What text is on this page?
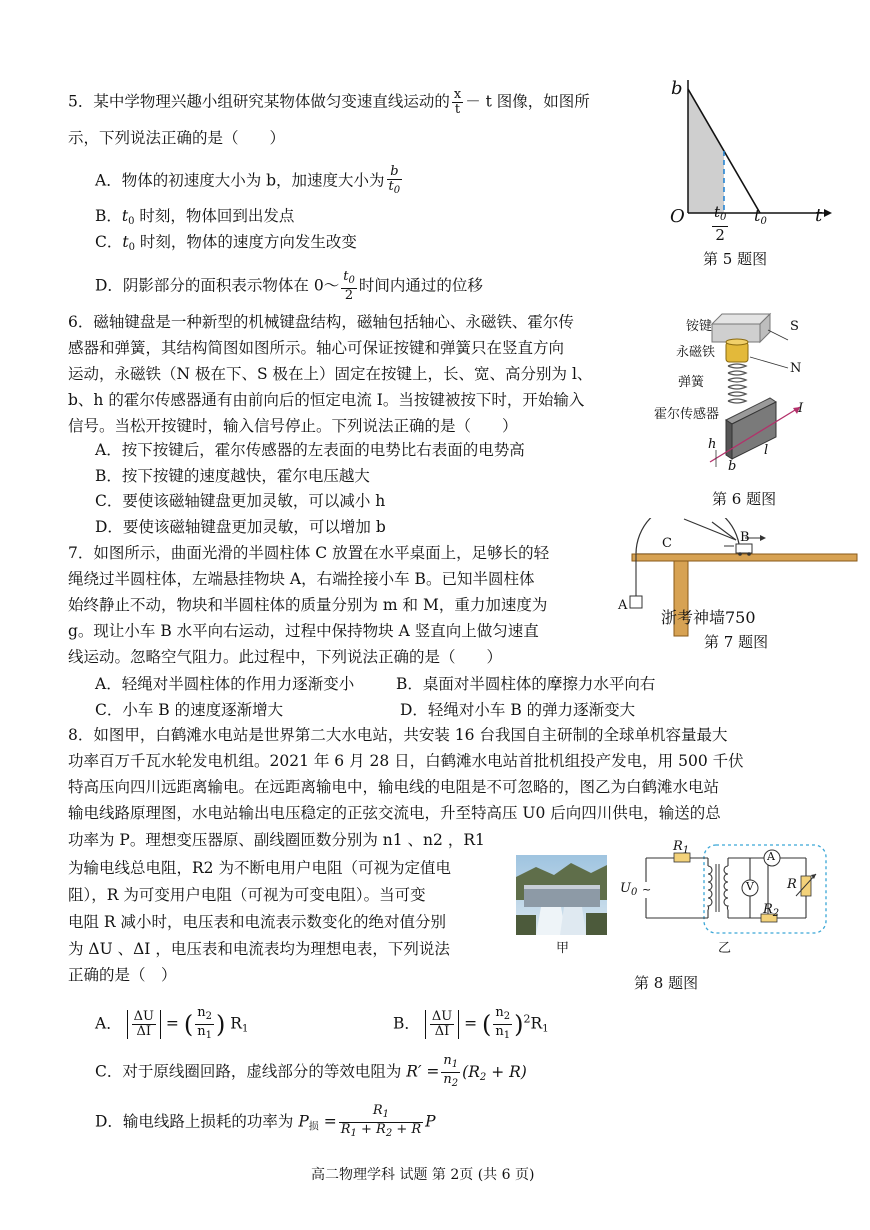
5．某中学物理兴趣小组研究某物体做匀变速直线运动的 $\frac{x}{t} - t$ 图像，如图所
示，下列说法正确的是（　　）
A．物体的初速度大小为 b，加速度大小为 $\frac{b}{t_0}$
B．$t_0$ 时刻，物体回到出发点
C．$t_0$ 时刻，物体的速度方向发生改变
D．阴影部分的面积表示物体在 0～ $\frac{t_0}{2}$ 时间内通过的位移
b
O $t_0$
2
$t_0$	t
第 5 题图
6．磁轴键盘是一种新型的机械键盘结构，磁轴包括轴心、永磁铁、霍尔传
感器和弹簧，其结构简图如图所示。轴心可保证按键和弹簧只在竖直方向
运动，永磁铁（N 极在下、S 极在上）固定在按键上，长、宽、高分别为 l、
b、h 的霍尔传感器通有由前向后的恒定电流 I。当按键被按下时，开始输入
信号。当松开按键时，输入信号停止。下列说法正确的是（　　）
A．按下按键后，霍尔传感器的左表面的电势比右表面的电势高
B．按下按键的速度越快，霍尔电压越大
C．要使该磁轴键盘更加灵敏，可以减小 h
D．要使该磁轴键盘更加灵敏，可以增加 b
铵键
永磁铁
弹簧
霍尔传感器
S
N
I
h
b
l
第 6 题图
7．如图所示，曲面光滑的半圆柱体 C 放置在水平桌面上，足够长的轻
绳绕过半圆柱体，左端悬挂物块 A，右端拴接小车 B。已知半圆柱体
始终静止不动，物块和半圆柱体的质量分别为 m 和 M，重力加速度为
g。现让小车 B 水平向右运动，过程中保持物块 A 竖直向上做匀速直
线运动。忽略空气阻力。此过程中，下列说法正确的是（　　）
A．轻绳对半圆柱体的作用力逐渐变小	B．桌面对半圆柱体的摩擦力水平向右
C．小车 B 的速度逐渐增大	D．轻绳对小车 B 的弹力逐渐变大
C	B
A
浙考神墙750
第 7 题图
8．如图甲，白鹤滩水电站是世界第二大水电站，共安装 16 台我国自主研制的全球单机容量最大
功率百万千瓦水轮发电机组。2021 年 6 月 28 日，白鹤滩水电站首批机组投产发电，用 500 千伏
特高压向四川远距离输电。在远距离输电中，输电线的电阻是不可忽略的，图乙为白鹤滩水电站
输电线路原理图，水电站输出电压稳定的正弦交流电，升至特高压 U0 后向四川供电，输送的总
功率为 P。理想变压器原、副线圈匝数分别为 n1 、n2 ，R1
为输电线总电阻，R2 为不断电用户电阻（可视为定值电
阻），R 为可变用户电阻（可视为可变电阻）。当可变
电阻 R 减小时，电压表和电流表示数变化的绝对值分别
为 ΔU 、ΔI ，电压表和电流表均为理想电表，下列说法
正确的是（　）
甲
~
$R_1$
$U_0$
A
V	R
$R_2$
乙
第 8 题图
A． $\frac{\Delta U}{\Delta I}$ = ( $\frac{n_2}{n_1}$ ) $R_1$	B． $\frac{\Delta U}{\Delta I}$ = ( $\frac{n_2}{n_1} )^2R_1$
C．对于原线圈回路，虚线部分的等效电阻为 $R' = \frac{n_1}{n_2} (R_2 + R)$
D．输电线路上损耗的功率为 $P_损 = \frac{R_1}{R_1 + R_2 + R}$ P
高二物理学科 试题 第 2页 (共 6 页)
